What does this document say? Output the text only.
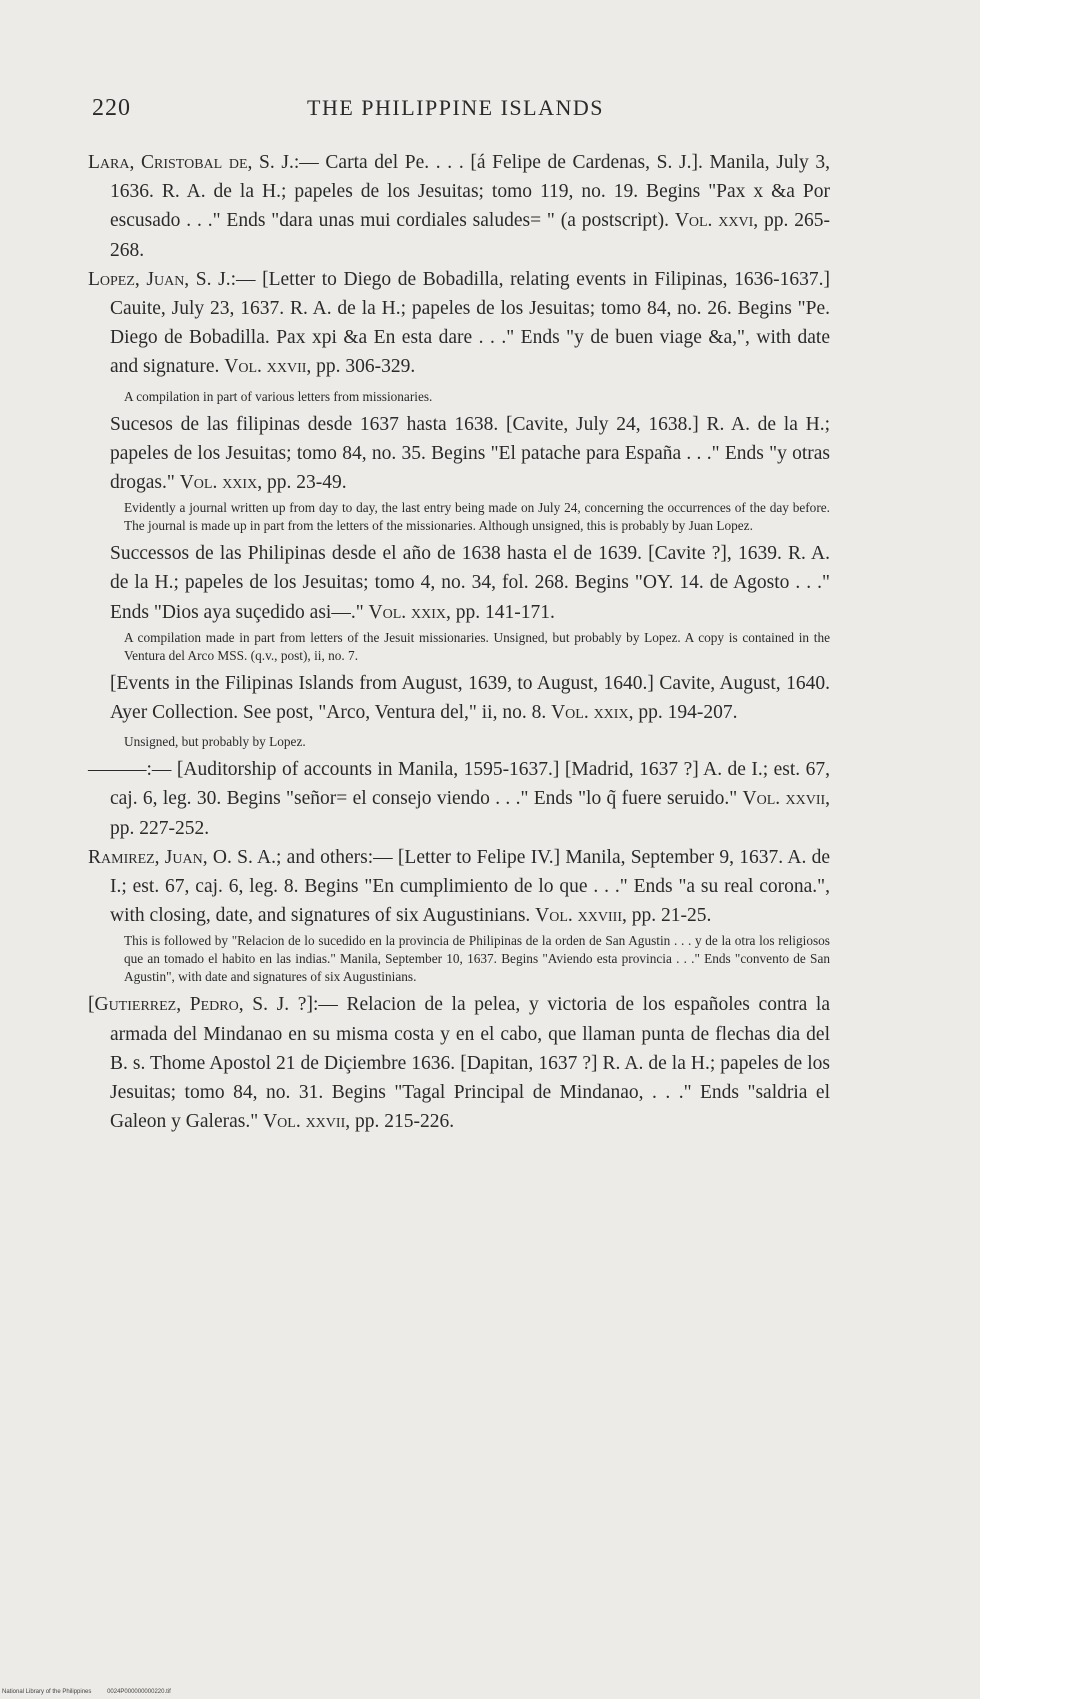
220	THE PHILIPPINE ISLANDS

Lara, Cristobal de, S. J.:— Carta del Pe. . . . [á Felipe de Cardenas, S. J.]. Manila, July 3, 1636. R. A. de la H.; papeles de los Jesuitas; tomo 119, no. 19. Begins "Pax x &a Por escusado . . ." Ends "dara unas mui cordiales saludes= " (a postscript). Vol. xxvi, pp. 265-268.

Lopez, Juan, S. J.:— [Letter to Diego de Bobadilla, relating events in Filipinas, 1636-1637.] Cauite, July 23, 1637. R. A. de la H.; papeles de los Jesuitas; tomo 84, no. 26. Begins "Pe. Diego de Bobadilla. Pax xpi &a En esta dare . . ." Ends "y de buen viage &a,", with date and signature. Vol. xxvii, pp. 306-329.

A compilation in part of various letters from missionaries.

Sucesos de las filipinas desde 1637 hasta 1638. [Cavite, July 24, 1638.] R. A. de la H.; papeles de los Jesuitas; tomo 84, no. 35. Begins "El patache para España . . ." Ends "y otras drogas." Vol. xxix, pp. 23-49.

Evidently a journal written up from day to day, the last entry being made on July 24, concerning the occurrences of the day before. The journal is made up in part from the letters of the missionaries. Although unsigned, this is probably by Juan Lopez.

Successos de las Philipinas desde el año de 1638 hasta el de 1639. [Cavite ?], 1639. R. A. de la H.; papeles de los Jesuitas; tomo 4, no. 34, fol. 268. Begins "OY. 14. de Agosto . . ." Ends "Dios aya suçedido asi—." Vol. xxix, pp. 141-171.

A compilation made in part from letters of the Jesuit missionaries. Unsigned, but probably by Lopez. A copy is contained in the Ventura del Arco MSS. (q.v., post), ii, no. 7.

[Events in the Filipinas Islands from August, 1639, to August, 1640.] Cavite, August, 1640. Ayer Collection. See post, "Arco, Ventura del," ii, no. 8. Vol. xxix, pp. 194-207.

Unsigned, but probably by Lopez.

———:— [Auditorship of accounts in Manila, 1595-1637.] [Madrid, 1637 ?] A. de I.; est. 67, caj. 6, leg. 30. Begins "señor= el consejo viendo . . ." Ends "lo q̃ fuere seruido." Vol. xxvii, pp. 227-252.

Ramirez, Juan, O. S. A.; and others:— [Letter to Felipe IV.] Manila, September 9, 1637. A. de I.; est. 67, caj. 6, leg. 8. Begins "En cumplimiento de lo que . . ." Ends "a su real corona.", with closing, date, and signatures of six Augustinians. Vol. xxviii, pp. 21-25.

This is followed by "Relacion de lo sucedido en la provincia de Philipinas de la orden de San Agustin . . . y de la otra los religiosos que an tomado el habito en las indias." Manila, September 10, 1637. Begins "Aviendo esta provincia . . ." Ends "convento de San Agustin", with date and signatures of six Augustinians.

[Gutierrez, Pedro, S. J. ?]:— Relacion de la pelea, y victoria de los españoles contra la armada del Mindanao en su misma costa y en el cabo, que llaman punta de flechas dia del B. s. Thome Apostol 21 de Diçiembre 1636. [Dapitan, 1637 ?] R. A. de la H.; papeles de los Jesuitas; tomo 84, no. 31. Begins "Tagal Principal de Mindanao, . . ." Ends "saldria el Galeon y Galeras." Vol. xxvii, pp. 215-226.

National Library of the Philippines	0024P000000000220.tif
